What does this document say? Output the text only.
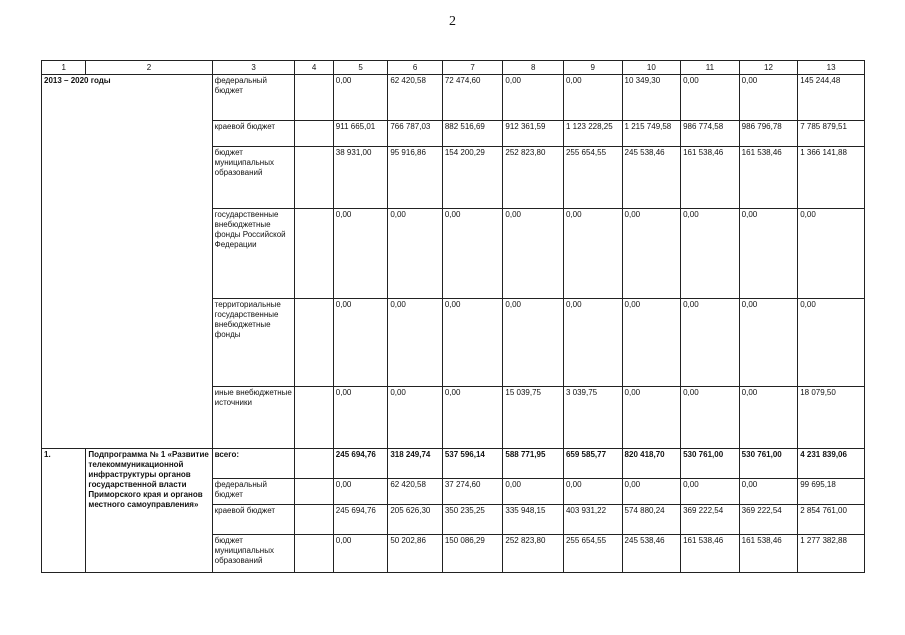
2
1	2	3	4	5	6	7	8	9	10	11	12	13
2013 – 2020 годы		федеральный бюджет		0,00	62 420,58	72 474,60	0,00	0,00	10 349,30	0,00	0,00	145 244,48
		краевой бюджет		911 665,01	766 787,03	882 516,69	912 361,59	1 123 228,25	1 215 749,58	986 774,58	986 796,78	7 785 879,51
		бюджет муниципальных образований		38 931,00	95 916,86	154 200,29	252 823,80	255 654,55	245 538,46	161 538,46	161 538,46	1 366 141,88
		государственные внебюджетные фонды Российской Федерации		0,00	0,00	0,00	0,00	0,00	0,00	0,00	0,00	0,00
		территориальные государственные внебюджетные фонды		0,00	0,00	0,00	0,00	0,00	0,00	0,00	0,00	0,00
		иные внебюджетные источники		0,00	0,00	0,00	15 039,75	3 039,75	0,00	0,00	0,00	18 079,50
1.	Подпрограмма № 1 «Развитие телекоммуникационной инфраструктуры органов государственной власти Приморского края и органов местного самоуправления»	всего:		245 694,76	318 249,74	537 596,14	588 771,95	659 585,77	820 418,70	530 761,00	530 761,00	4 231 839,06
		федеральный бюджет		0,00	62 420,58	37 274,60	0,00	0,00	0,00	0,00	0,00	99 695,18
		краевой бюджет		245 694,76	205 626,30	350 235,25	335 948,15	403 931,22	574 880,24	369 222,54	369 222,54	2 854 761,00
		бюджет муниципальных образований		0,00	50 202,86	150 086,29	252 823,80	255 654,55	245 538,46	161 538,46	161 538,46	1 277 382,88
